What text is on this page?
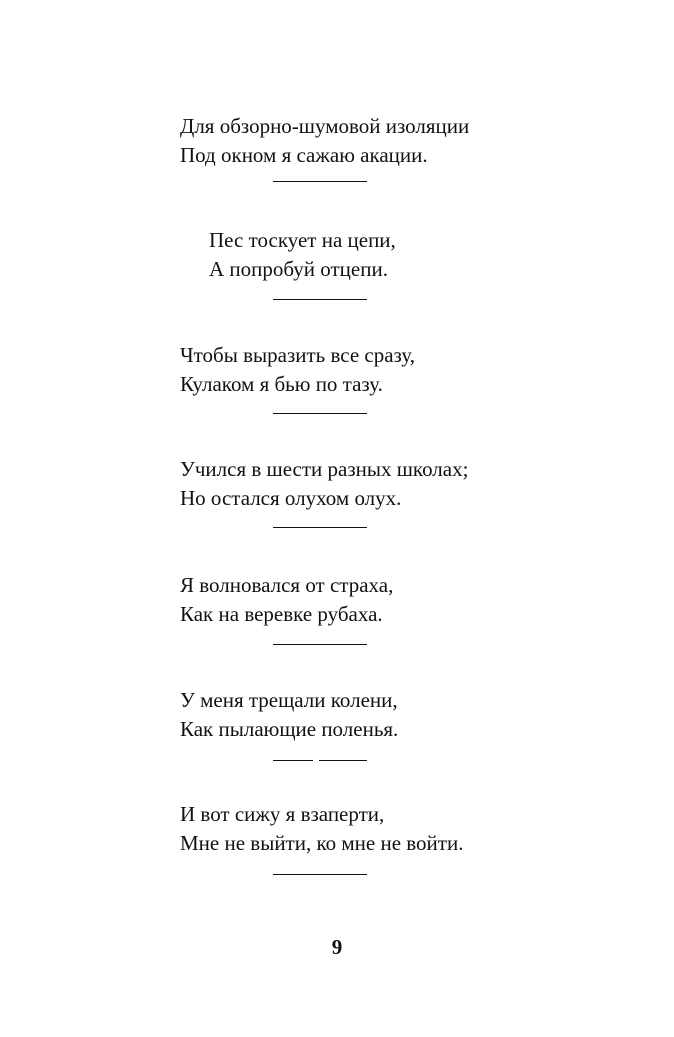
Для обзорно-шумовой изоляции
Под окном я сажаю акации.
Пес тоскует на цепи,
А попробуй отцепи.
Чтобы выразить все сразу,
Кулаком я бью по тазу.
Учился в шести разных школах;
Но остался олухом олух.
Я волновался от страха,
Как на веревке рубаха.
У меня трещали колени,
Как пылающие поленья.
И вот сижу я взаперти,
Мне не выйти, ко мне не войти.
9
